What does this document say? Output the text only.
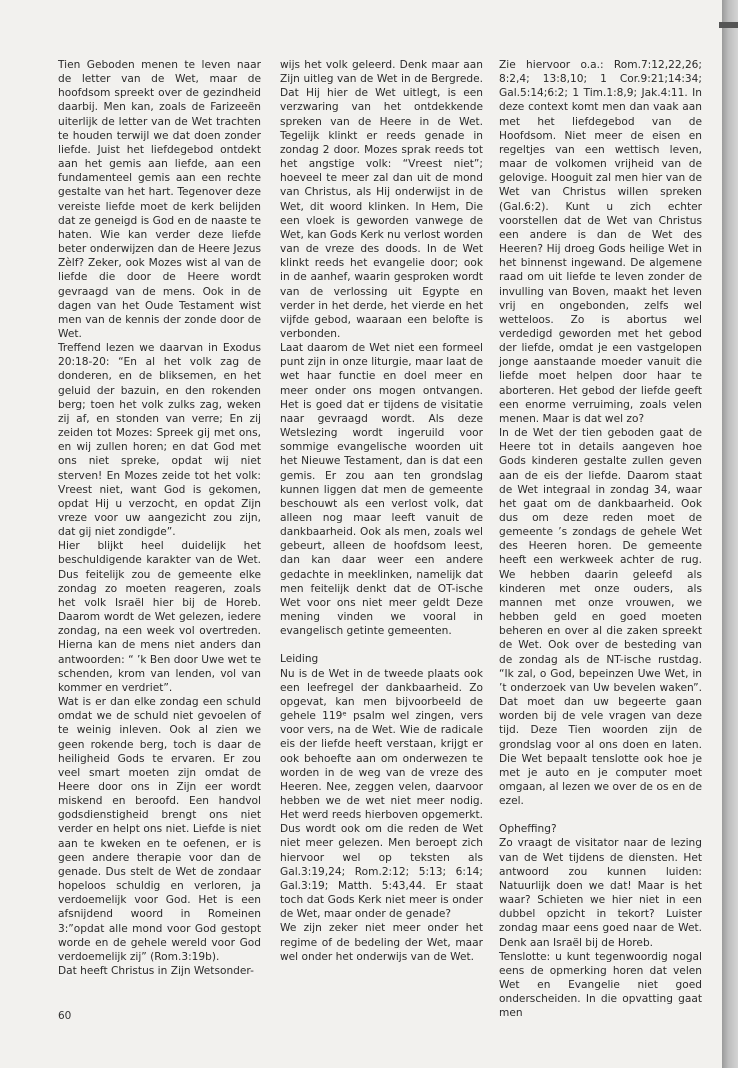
Tien Geboden menen te leven naar de letter van de Wet, maar de hoofdsom spreekt over de gezindheid daarbij. Men kan, zoals de Farizeeën uiterlijk de letter van de Wet trachten te houden terwijl we dat doen zonder liefde. Juist het liefdegebod ontdekt aan het gemis aan liefde, aan een fundamenteel gemis aan een rechte gestalte van het hart. Tegenover deze vereiste liefde moet de kerk belijden dat ze geneigd is God en de naaste te haten. Wie kan verder deze liefde beter onderwijzen dan de Heere Jezus Zèlf? Zeker, ook Mozes wist al van de liefde die door de Heere wordt gevraagd van de mens. Ook in de dagen van het Oude Testament wist men van de kennis der zonde door de Wet.

Treffend lezen we daarvan in Exodus 20:18-20: “En al het volk zag de donderen, en de bliksemen, en het geluid der bazuin, en den rokenden berg; toen het volk zulks zag, weken zij af, en stonden van verre; En zij zeiden tot Mozes: Spreek gij met ons, en wij zullen horen; en dat God met ons niet spreke, opdat wij niet sterven! En Mozes zeide tot het volk: Vreest niet, want God is gekomen, opdat Hij u verzocht, en opdat Zijn vreze voor uw aangezicht zou zijn, dat gij niet zondigde”.

Hier blijkt heel duidelijk het beschuldigende karakter van de Wet. Dus feitelijk zou de gemeente elke zondag zo moeten reageren, zoals het volk Israël hier bij de Horeb. Daarom wordt de Wet gelezen, iedere zondag, na een week vol overtreden. Hierna kan de mens niet anders dan antwoorden: “ ’k Ben door Uwe wet te schenden, krom van lenden, vol van kommer en verdriet”.

Wat is er dan elke zondag een schuld omdat we de schuld niet gevoelen of te weinig inleven. Ook al zien we geen rokende berg, toch is daar de heiligheid Gods te ervaren. Er zou veel smart moeten zijn omdat de Heere door ons in Zijn eer wordt miskend en beroofd. Een handvol godsdienstigheid brengt ons niet verder en helpt ons niet. Liefde is niet aan te kweken en te oefenen, er is geen andere therapie voor dan de genade. Dus stelt de Wet de zondaar hopeloos schuldig en verloren, ja verdoemelijk voor God. Het is een afsnijdend woord in Romeinen 3:”opdat alle mond voor God gestopt worde en de gehele wereld voor God verdoemelijk zij” (Rom.3:19b).

Dat heeft Christus in Zijn Wetsonder-

wijs het volk geleerd. Denk maar aan Zijn uitleg van de Wet in de Bergrede. Dat Hij hier de Wet uitlegt, is een verzwaring van het ontdekkende spreken van de Heere in de Wet. Tegelijk klinkt er reeds genade in zondag 2 door. Mozes sprak reeds tot het angstige volk: “Vreest niet”; hoeveel te meer zal dan uit de mond van Christus, als Hij onderwijst in de Wet, dit woord klinken. In Hem, Die een vloek is geworden vanwege de Wet, kan Gods Kerk nu verlost worden van de vreze des doods. In de Wet klinkt reeds het evangelie door; ook in de aanhef, waarin gesproken wordt van de verlossing uit Egypte en verder in het derde, het vierde en het vijfde gebod, waaraan een belofte is verbonden.

Laat daarom de Wet niet een formeel punt zijn in onze liturgie, maar laat de wet haar functie en doel meer en meer onder ons mogen ontvangen. Het is goed dat er tijdens de visitatie naar gevraagd wordt. Als deze Wetslezing wordt ingeruild voor sommige evangelische woorden uit het Nieuwe Testament, dan is dat een gemis. Er zou aan ten grondslag kunnen liggen dat men de gemeente beschouwt als een verlost volk, dat alleen nog maar leeft vanuit de dankbaarheid. Ook als men, zoals wel gebeurt, alleen de hoofdsom leest, dan kan daar weer een andere gedachte in meeklinken, namelijk dat men feitelijk denkt dat de OT-ische Wet voor ons niet meer geldt Deze mening vinden we vooral in evangelisch getinte gemeenten.

Leiding

Nu is de Wet in de tweede plaats ook een leefregel der dankbaarheid. Zo opgevat, kan men bijvoorbeeld de gehele 119ᵉ psalm wel zingen, vers voor vers, na de Wet. Wie de radicale eis der liefde heeft verstaan, krijgt er ook behoefte aan om onderwezen te worden in de weg van de vreze des Heeren. Nee, zeggen velen, daarvoor hebben we de wet niet meer nodig. Het werd reeds hierboven opgemerkt. Dus wordt ook om die reden de Wet niet meer gelezen. Men beroept zich hiervoor wel op teksten als Gal.3:19,24; Rom.2:12; 5:13; 6:14; Gal.3:19; Matth. 5:43,44. Er staat toch dat Gods Kerk niet meer is onder de Wet, maar onder de genade?

We zijn zeker niet meer onder het regime of de bedeling der Wet, maar wel onder het onderwijs van de Wet.

Zie hiervoor o.a.: Rom.7:12,22,26; 8:2,4; 13:8,10; 1 Cor.9:21;14:34; Gal.5:14;6:2; 1 Tim.1:8,9; Jak.4:11. In deze context komt men dan vaak aan met het liefdegebod van de Hoofdsom. Niet meer de eisen en regeltjes van een wettisch leven, maar de volkomen vrijheid van de gelovige. Hooguit zal men hier van de Wet van Christus willen spreken (Gal.6:2). Kunt u zich echter voorstellen dat de Wet van Christus een andere is dan de Wet des Heeren? Hij droeg Gods heilige Wet in het binnenst ingewand. De algemene raad om uit liefde te leven zonder de invulling van Boven, maakt het leven vrij en ongebonden, zelfs wel wetteloos. Zo is abortus wel verdedigd geworden met het gebod der liefde, omdat je een vastgelopen jonge aanstaande moeder vanuit die liefde moet helpen door haar te aborteren. Het gebod der liefde geeft een enorme verruiming, zoals velen menen. Maar is dat wel zo?

In de Wet der tien geboden gaat de Heere tot in details aangeven hoe Gods kinderen gestalte zullen geven aan de eis der liefde. Daarom staat de Wet integraal in zondag 34, waar het gaat om de dankbaarheid. Ook dus om deze reden moet de gemeente ’s zondags de gehele Wet des Heeren horen. De gemeente heeft een werkweek achter de rug. We hebben daarin geleefd als kinderen met onze ouders, als mannen met onze vrouwen, we hebben geld en goed moeten beheren en over al die zaken spreekt de Wet. Ook over de besteding van de zondag als de NT-ische rustdag. “Ik zal, o God, bepeinzen Uwe Wet, in ’t onderzoek van Uw bevelen waken”. Dat moet dan uw begeerte gaan worden bij de vele vragen van deze tijd. Deze Tien woorden zijn de grondslag voor al ons doen en laten. Die Wet bepaalt tenslotte ook hoe je met je auto en je computer moet omgaan, al lezen we over de os en de ezel.

Opheffing?

Zo vraagt de visitator naar de lezing van de Wet tijdens de diensten. Het antwoord zou kunnen luiden: Natuurlijk doen we dat! Maar is het waar? Schieten we hier niet in een dubbel opzicht in tekort? Luister zondag maar eens goed naar de Wet. Denk aan Israël bij de Horeb.

Tenslotte: u kunt tegenwoordig nogal eens de opmerking horen dat velen Wet en Evangelie niet goed onderscheiden. In die opvatting gaat men

60
